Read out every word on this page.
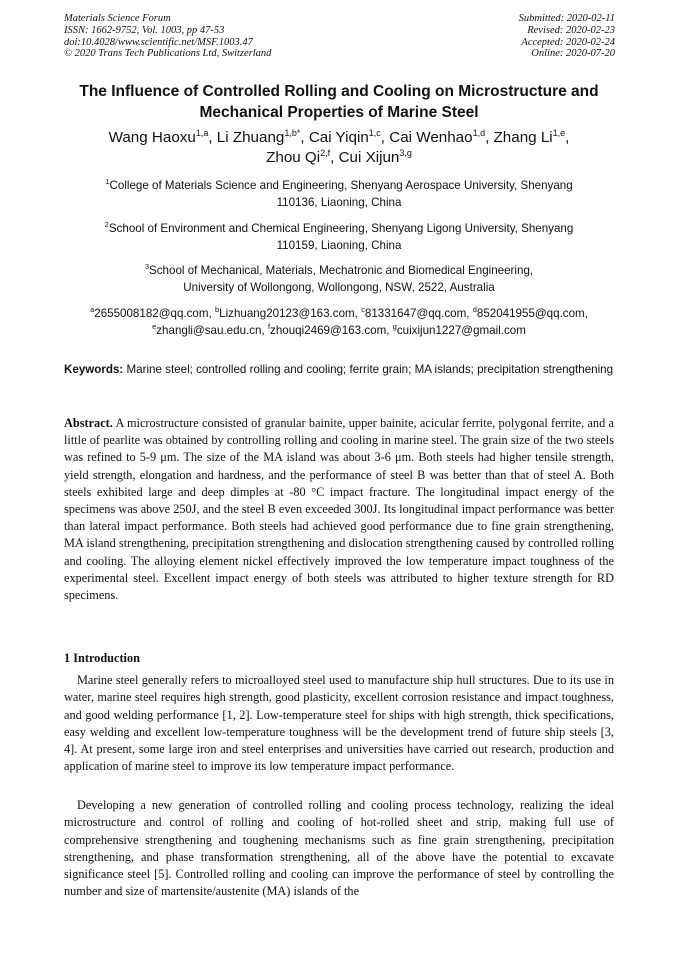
Materials Science Forum
ISSN: 1662-9752, Vol. 1003, pp 47-53
doi:10.4028/www.scientific.net/MSF.1003.47
© 2020 Trans Tech Publications Ltd, Switzerland
Submitted: 2020-02-11
Revised: 2020-02-23
Accepted: 2020-02-24
Online: 2020-07-20
The Influence of Controlled Rolling and Cooling on Microstructure and
Mechanical Properties of Marine Steel
Wang Haoxu$^{1,a}$, Li Zhuang$^{1,b*}$, Cai Yiqin$^{1,c}$, Cai Wenhao$^{1,d}$, Zhang Li$^{1,e}$,
Zhou Qi$^{2,f}$, Cui Xijun$^{3,g}$
$^1$College of Materials Science and Engineering, Shenyang Aerospace University, Shenyang
110136, Liaoning, China
$^2$School of Environment and Chemical Engineering, Shenyang Ligong University, Shenyang
110159, Liaoning, China
$^3$School of Mechanical, Materials, Mechatronic and Biomedical Engineering,
University of Wollongong, Wollongong, NSW, 2522, Australia
$^a$2655008182@qq.com, $^b$Lizhuang20123@163.com, $^c$81331647@qq.com, $^d$852041955@qq.com,
$^e$zhangli@sau.edu.cn, $^f$zhouqi2469@163.com, $^g$cuixijun1227@gmail.com
Keywords: Marine steel; controlled rolling and cooling; ferrite grain; MA islands; precipitation strengthening
Abstract. A microstructure consisted of granular bainite, upper bainite, acicular ferrite, polygonal ferrite, and a little of pearlite was obtained by controlling rolling and cooling in marine steel. The grain size of the two steels was refined to 5-9 μm. The size of the MA island was about 3-6 μm. Both steels had higher tensile strength, yield strength, elongation and hardness, and the performance of steel B was better than that of steel A. Both steels exhibited large and deep dimples at -80 °C impact fracture. The longitudinal impact energy of the specimens was above 250J, and the steel B even exceeded 300J. Its longitudinal impact performance was better than lateral impact performance. Both steels had achieved good performance due to fine grain strengthening, MA island strengthening, precipitation strengthening and dislocation strengthening caused by controlled rolling and cooling. The alloying element nickel effectively improved the low temperature impact toughness of the experimental steel. Excellent impact energy of both steels was attributed to higher texture strength for RD specimens.
1 Introduction

Marine steel generally refers to microalloyed steel used to manufacture ship hull structures. Due to its use in water, marine steel requires high strength, good plasticity, excellent corrosion resistance and impact toughness, and good welding performance [1, 2]. Low-temperature steel for ships with high strength, thick specifications, easy welding and excellent low-temperature toughness will be the development trend of future ship steels [3, 4]. At present, some large iron and steel enterprises and universities have carried out research, production and application of marine steel to improve its low temperature impact performance.

Developing a new generation of controlled rolling and cooling process technology, realizing the ideal microstructure and control of rolling and cooling of hot-rolled sheet and strip, making full use of comprehensive strengthening and toughening mechanisms such as fine grain strengthening, precipitation strengthening, and phase transformation strengthening, all of the above have the potential to excavate significance steel [5]. Controlled rolling and cooling can improve the performance of steel by controlling the number and size of martensite/austenite (MA) islands of the
